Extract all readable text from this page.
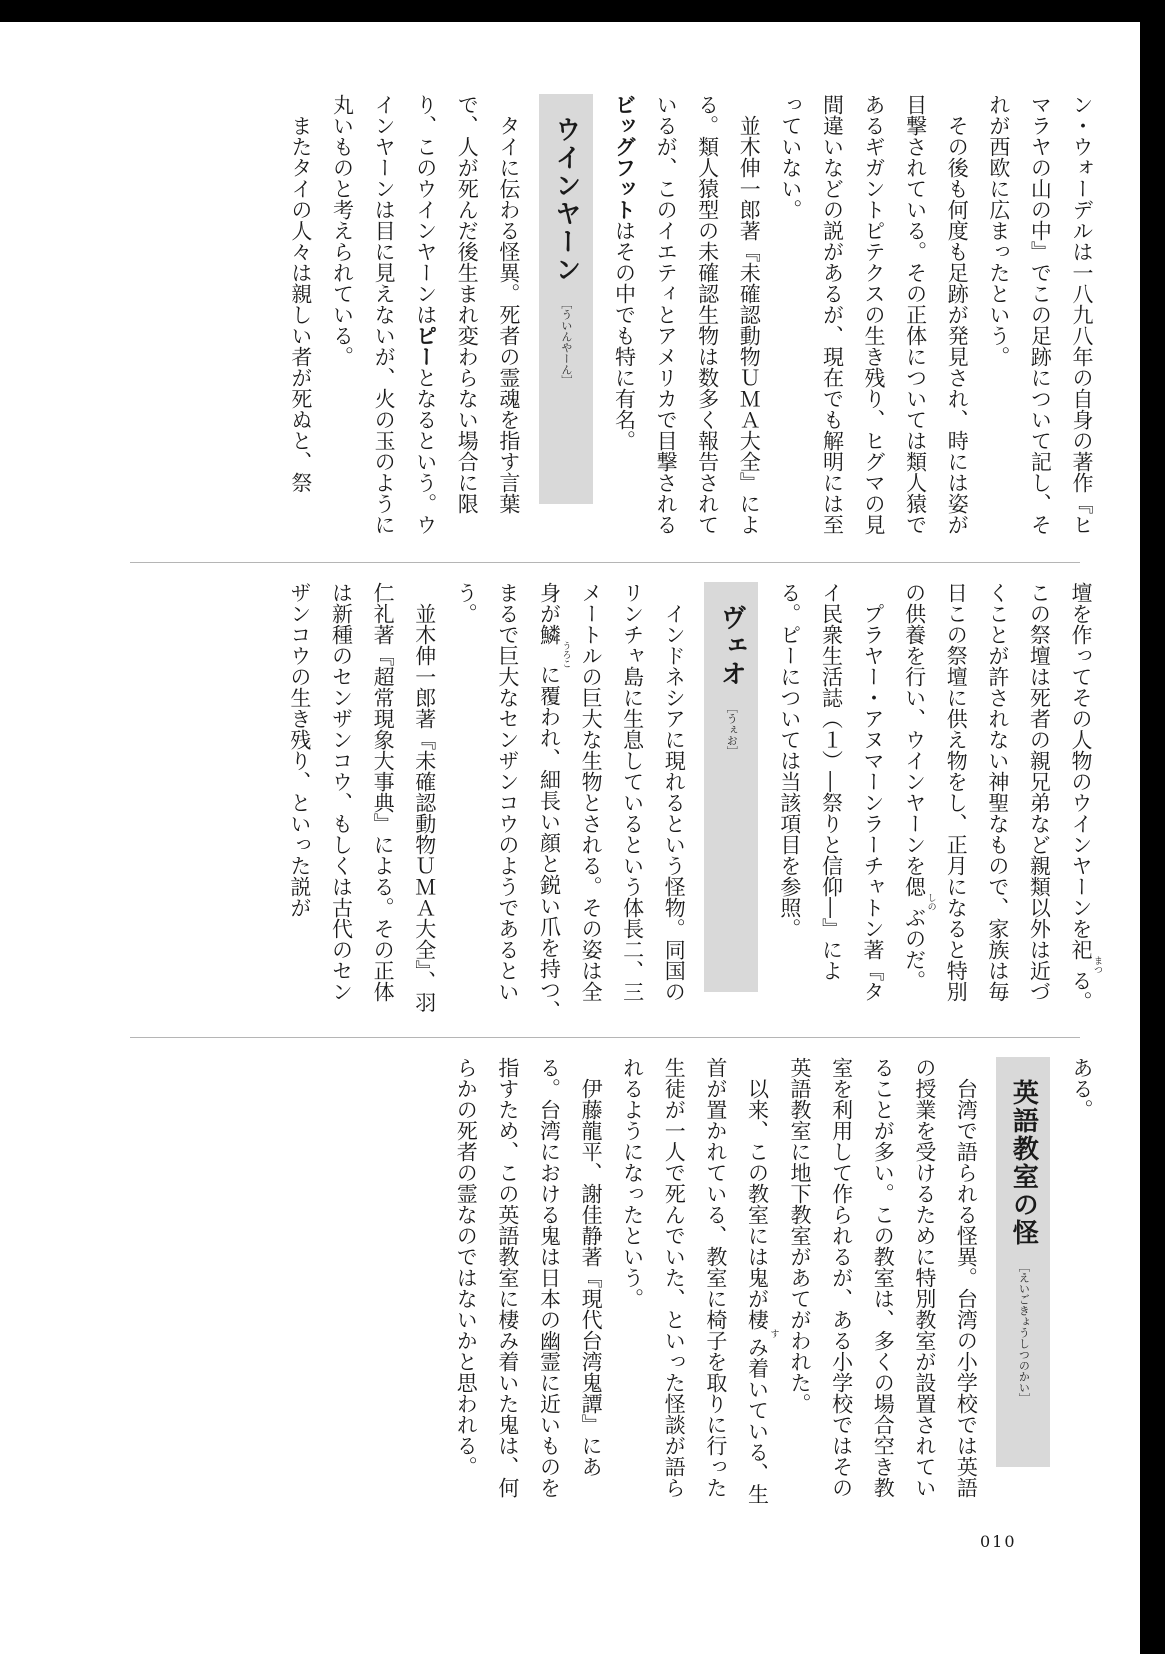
ン・ウォーデルは一八九八年の自身の著作『ヒマラヤの山の中』でこの足跡について記し、それが西欧に広まったという。

その後も何度も足跡が発見され、時には姿が目撃されている。その正体については類人猿であるギガントピテクスの生き残り、ヒグマの見間違いなどの説があるが、現在でも解明には至っていない。

並木伸一郎著『未確認動物ＵＭＡ大全』による。類人猿型の未確認生物は数多く報告されているが、このイエティとアメリカで目撃されるビッグフットはその中でも特に有名。

ウインヤーン［ういんやーん］

タイに伝わる怪異。死者の霊魂を指す言葉で、人が死んだ後生まれ変わらない場合に限り、このウインヤーンはピーとなるという。ウインヤーンは目に見えないが、火の玉のように丸いものと考えられている。

またタイの人々は親しい者が死ぬと、祭

壇を作ってその人物のウインヤーンを祀 まつる。この祭壇は死者の親兄弟など親類以外は近づくことが許されない神聖なもので、家族は毎日この祭壇に供え物をし、正月になると特別の供養を行い、ウインヤーンを偲 しのぶのだ。

プラヤー・アヌマーンラーチャトン著『タイ民衆生活誌（１）―祭りと信仰―』による。ピーについては当該項目を参照。

ヴェオ［うぇお］

インドネシアに現れるという怪物。同国のリンチャ島に生息しているという体長二、三メートルの巨大な生物とされる。その姿は全身が鱗 うろこに覆われ、細長い顔と鋭い爪を持つ、まるで巨大なセンザンコウのようであるという。

並木伸一郎著『未確認動物ＵＭＡ大全』、羽仁礼著『超常現象大事典』による。その正体は新種のセンザンコウ、もしくは古代のセンザンコウの生き残り、といった説が

ある。

英語教室の怪［えいごきょうしつのかい］

台湾で語られる怪異。台湾の小学校では英語の授業を受けるために特別教室が設置されていることが多い。この教室は、多くの場合空き教室を利用して作られるが、ある小学校ではその英語教室に地下教室があてがわれた。

以来、この教室には鬼が棲 すみ着いている、生首が置かれている、教室に椅子を取りに行った生徒が一人で死んでいた、といった怪談が語られるようになったという。

伊藤龍平、謝佳静著『現代台湾鬼譚』にある。台湾における鬼は日本の幽霊に近いものを指すため、この英語教室に棲み着いた鬼は、何らかの死者の霊なのではないかと思われる。

010
